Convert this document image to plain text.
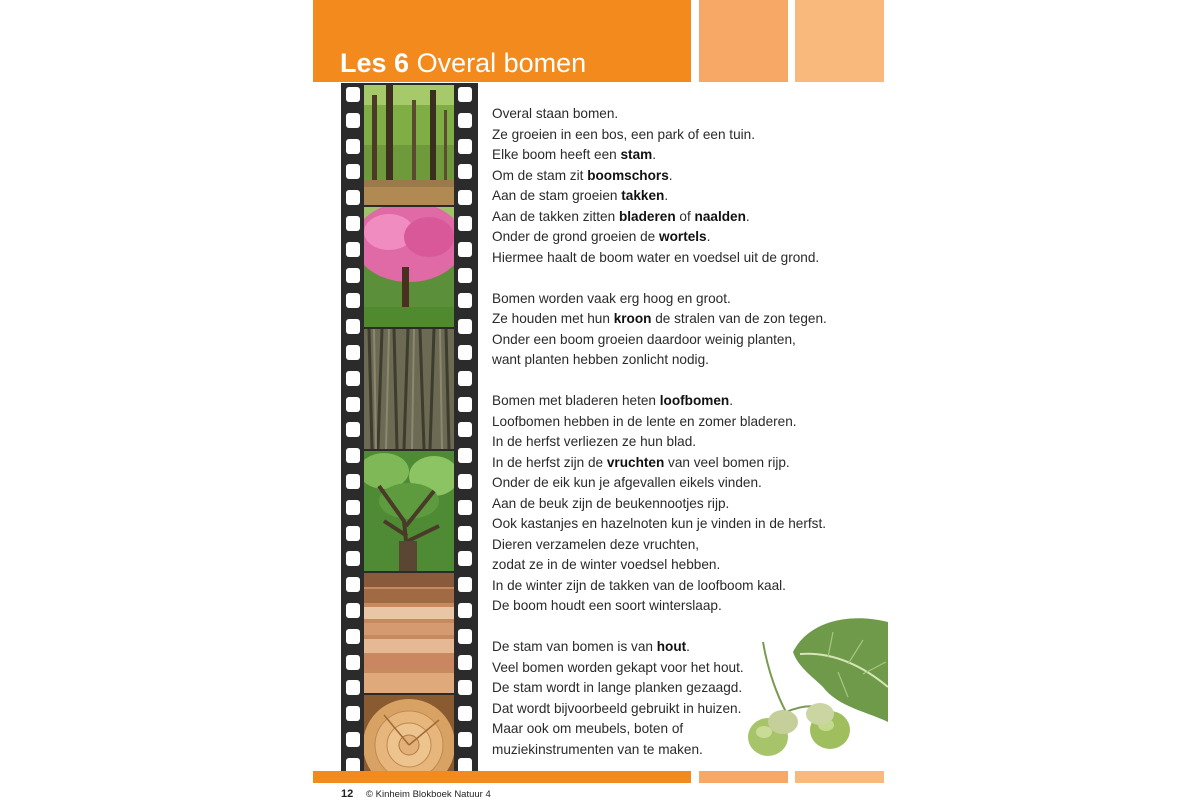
Les 6 Overal bomen

Overal staan bomen.

Ze groeien in een bos, een park of een tuin.

Elke boom heeft een stam.

Om de stam zit boomschors.

Aan de stam groeien takken.

Aan de takken zitten bladeren of naalden.

Onder de grond groeien de wortels.

Hiermee haalt de boom water en voedsel uit de grond.

Bomen worden vaak erg hoog en groot.

Ze houden met hun kroon de stralen van de zon tegen.

Onder een boom groeien daardoor weinig planten,

want planten hebben zonlicht nodig.

Bomen met bladeren heten loofbomen.

Loofbomen hebben in de lente en zomer bladeren.

In de herfst verliezen ze hun blad.

In de herfst zijn de vruchten van veel bomen rijp.

Onder de eik kun je afgevallen eikels vinden.

Aan de beuk zijn de beukennootjes rijp.

Ook kastanjes en hazelnoten kun je vinden in de herfst.

Dieren verzamelen deze vruchten,

zodat ze in de winter voedsel hebben.

In de winter zijn de takken van de loofboom kaal.

De boom houdt een soort winterslaap.

De stam van bomen is van hout.

Veel bomen worden gekapt voor het hout.

De stam wordt in lange planken gezaagd.

Dat wordt bijvoorbeeld gebruikt in huizen.

Maar ook om meubels, boten of

muziekinstrumenten van te maken.

12 © Kinheim Blokboek Natuur 4
